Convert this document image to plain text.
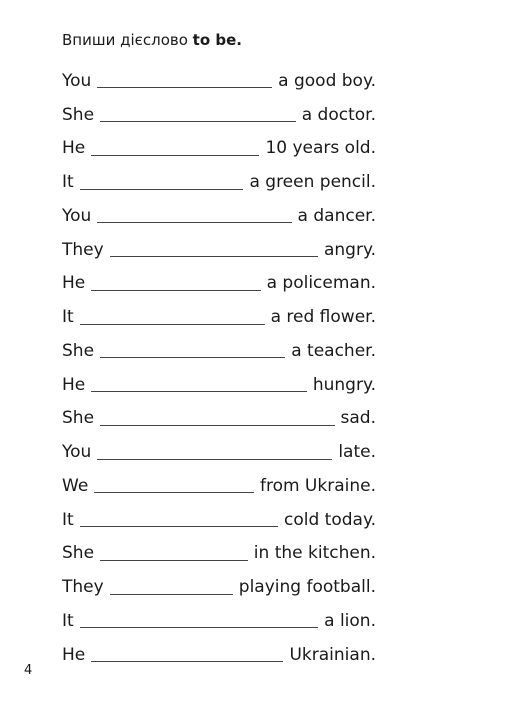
Впиши дієслово to be.
You	a good boy.
She	a doctor.
He	10 years old.
It	a green pencil.
You	a dancer.
They	angry.
He	a policeman.
It	a red flower.
She	a teacher.
He	hungry.
She	sad.
You	late.
We	from Ukraine.
It	cold today.
She	in the kitchen.
They	playing football.
It	a lion.
He	Ukrainian.
4
